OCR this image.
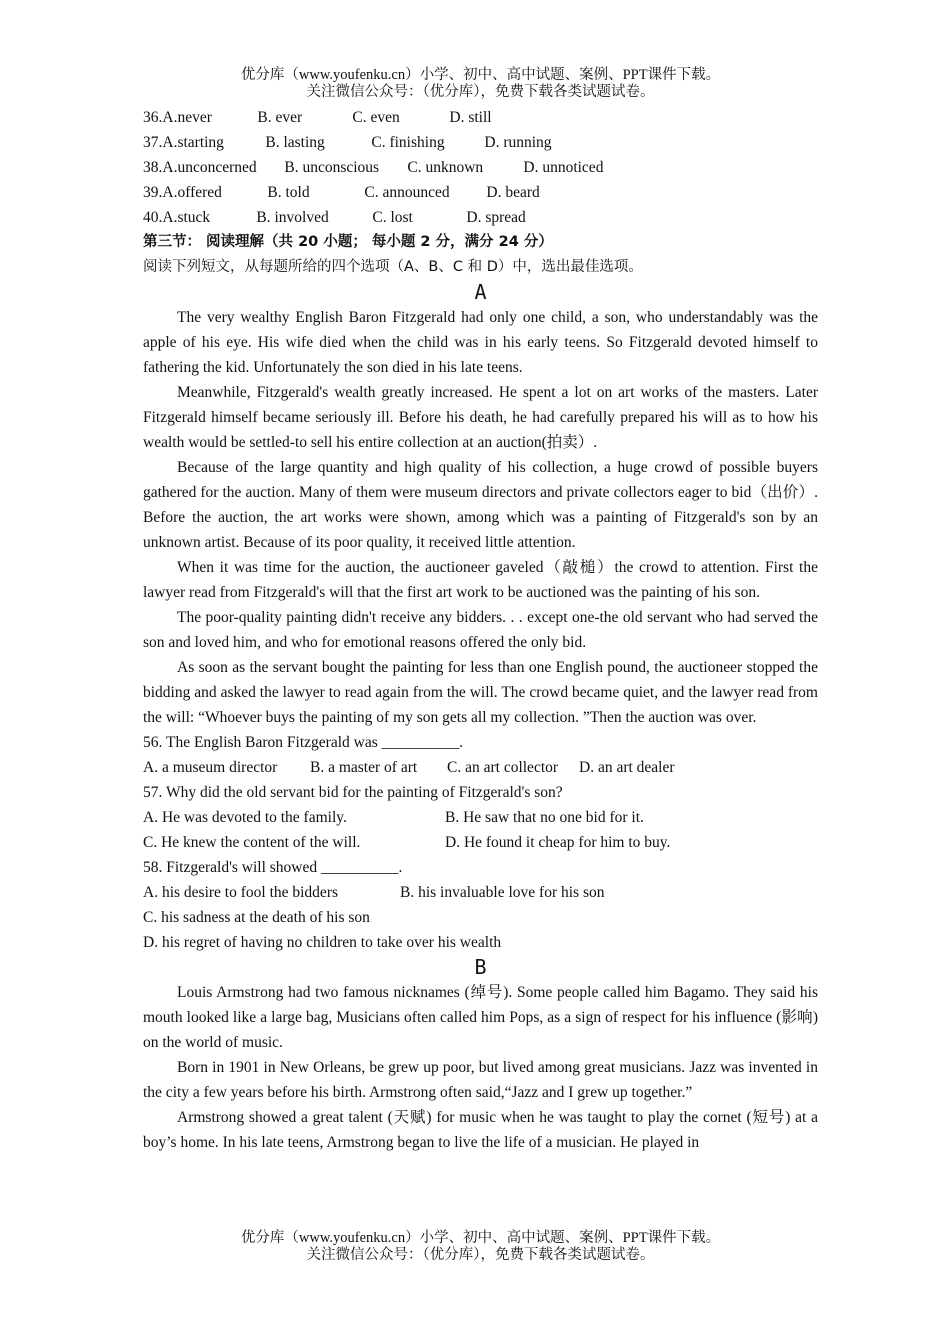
优分库（www.youfenku.cn）小学、初中、高中试题、案例、PPT课件下载。
关注微信公众号：（优分库），免费下载各类试题试卷。
36. A.never	B. ever	C. even	D. still
37. A.starting	B. lasting	C. finishing	D. running
38. A.unconcerned	B. unconscious	C. unknown	D. unnoticed
39. A.offered	B. told	C. announced	D. beard
40. A.stuck	B. involved	C. lost	D. spread
第三节： 阅读理解（共 20 小题； 每小题 2 分，满分 24 分）
阅读下列短文，从每题所给的四个选项（A、B、C 和 D）中，选出最佳选项。
A

The very wealthy English Baron Fitzgerald had only one child, a son, who understandably was the apple of his eye. His wife died when the child was in his early teens. So Fitzgerald devoted himself to fathering the kid. Unfortunately the son died in his late teens.

Meanwhile, Fitzgerald's wealth greatly increased. He spent a lot on art works of the masters. Later Fitzgerald himself became seriously ill. Before his death, he had carefully prepared his will as to how his wealth would be settled-to sell his entire collection at an auction(拍卖）.

Because of the large quantity and high quality of his collection, a huge crowd of possible buyers gathered for the auction. Many of them were museum directors and private collectors eager to bid（出价）. Before the auction, the art works were shown, among which was a painting of Fitzgerald's son by an unknown artist. Because of its poor quality, it received little attention.

When it was time for the auction, the auctioneer gaveled（敲槌）the crowd to attention. First the lawyer read from Fitzgerald's will that the first art work to be auctioned was the painting of his son.

The poor-quality painting didn't receive any bidders. . . except one-the old servant who had served the son and loved him, and who for emotional reasons offered the only bid.

As soon as the servant bought the painting for less than one English pound, the auctioneer stopped the bidding and asked the lawyer to read again from the will. The crowd became quiet, and the lawyer read from the will: “Whoever buys the painting of my son gets all my collection. ”Then the auction was over.

56. The English Baron Fitzgerald was __________.

A. a museum director	B. a master of art	C. an art collector	D. an art dealer

57. Why did the old servant bid for the painting of Fitzgerald's son?

A. He was devoted to the family.	B. He saw that no one bid for it.
C. He knew the content of the will.	D. He found it cheap for him to buy.

58. Fitzgerald's will showed __________.

A. his desire to fool the bidders	B. his invaluable love for his son

C. his sadness at the death of his son

D. his regret of having no children to take over his wealth

B

Louis Armstrong had two famous nicknames (绰号). Some people called him Bagamo. They said his mouth looked like a large bag, Musicians often called him Pops, as a sign of respect for his influence (影响) on the world of music.

Born in 1901 in New Orleans, be grew up poor, but lived among great musicians. Jazz was invented in the city a few years before his birth. Armstrong often said,“Jazz and I grew up together.”

Armstrong showed a great talent (天赋) for music when he was taught to play the cornet (短号) at a boy’s home. In his late teens, Armstrong began to live the life of a musician. He played in

优分库（www.youfenku.cn）小学、初中、高中试题、案例、PPT课件下载。
关注微信公众号：（优分库），免费下载各类试题试卷。
